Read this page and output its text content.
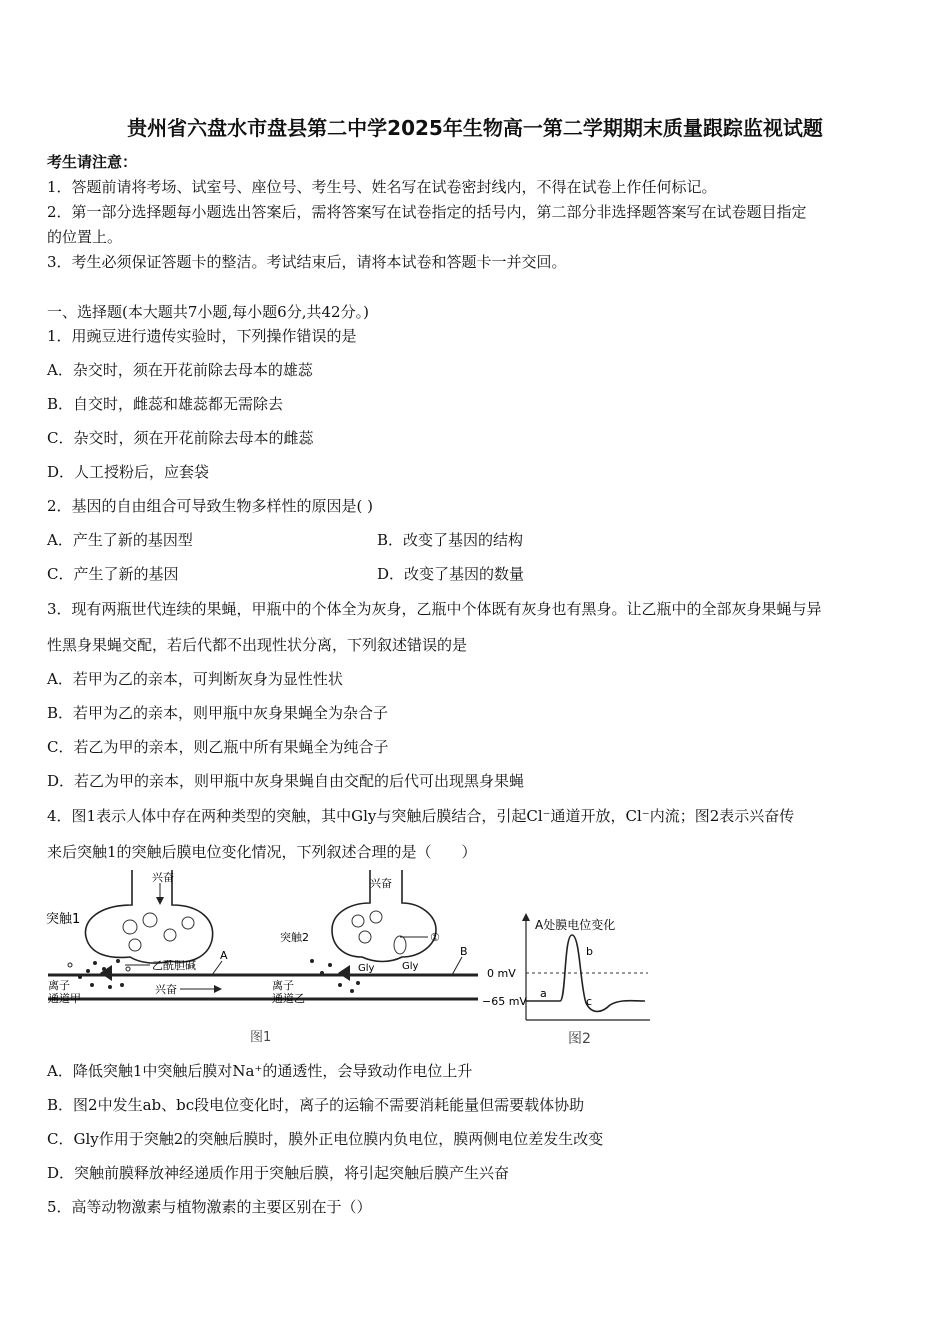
贵州省六盘水市盘县第二中学2025年生物高一第二学期期末质量跟踪监视试题
考生请注意：
1．答题前请将考场、试室号、座位号、考生号、姓名写在试卷密封线内，不得在试卷上作任何标记。
2．第一部分选择题每小题选出答案后，需将答案写在试卷指定的括号内，第二部分非选择题答案写在试卷题目指定
的位置上。
3．考生必须保证答题卡的整洁。考试结束后，请将本试卷和答题卡一并交回。
一、选择题(本大题共7小题,每小题6分,共42分。)
1．用豌豆进行遗传实验时，下列操作错误的是
A．杂交时，须在开花前除去母本的雄蕊
B．自交时，雌蕊和雄蕊都无需除去
C．杂交时，须在开花前除去母本的雌蕊
D．人工授粉后，应套袋
2．基因的自由组合可导致生物多样性的原因是( )
A．产生了新的基因型	B．改变了基因的结构
C．产生了新的基因	D．改变了基因的数量
3．现有两瓶世代连续的果蝇，甲瓶中的个体全为灰身，乙瓶中个体既有灰身也有黑身。让乙瓶中的全部灰身果蝇与异
性黑身果蝇交配，若后代都不出现性状分离，下列叙述错误的是
A．若甲为乙的亲本，可判断灰身为显性性状
B．若甲为乙的亲本，则甲瓶中灰身果蝇全为杂合子
C．若乙为甲的亲本，则乙瓶中所有果蝇全为纯合子
D．若乙为甲的亲本，则甲瓶中灰身果蝇自由交配的后代可出现黑身果蝇
4．图1表示人体中存在两种类型的突触，其中Gly与突触后膜结合，引起Cl⁻通道开放，Cl⁻内流；图2表示兴奋传
来后突触1的突触后膜电位变化情况，下列叙述合理的是（　　）
兴奋
突触1
乙酰胆碱
A
离子
通道甲
兴奋
兴奋
突触2	①
Gly	Gly
B
离子
通道乙
图1
A处膜电位变化
0 mV
−65 mV
a
b
c
图2
A．降低突触1中突触后膜对Na⁺的通透性，会导致动作电位上升
B．图2中发生ab、bc段电位变化时，离子的运输不需要消耗能量但需要载体协助
C．Gly作用于突触2的突触后膜时，膜外正电位膜内负电位，膜两侧电位差发生改变
D．突触前膜释放神经递质作用于突触后膜，将引起突触后膜产生兴奋
5．高等动物激素与植物激素的主要区别在于（）
